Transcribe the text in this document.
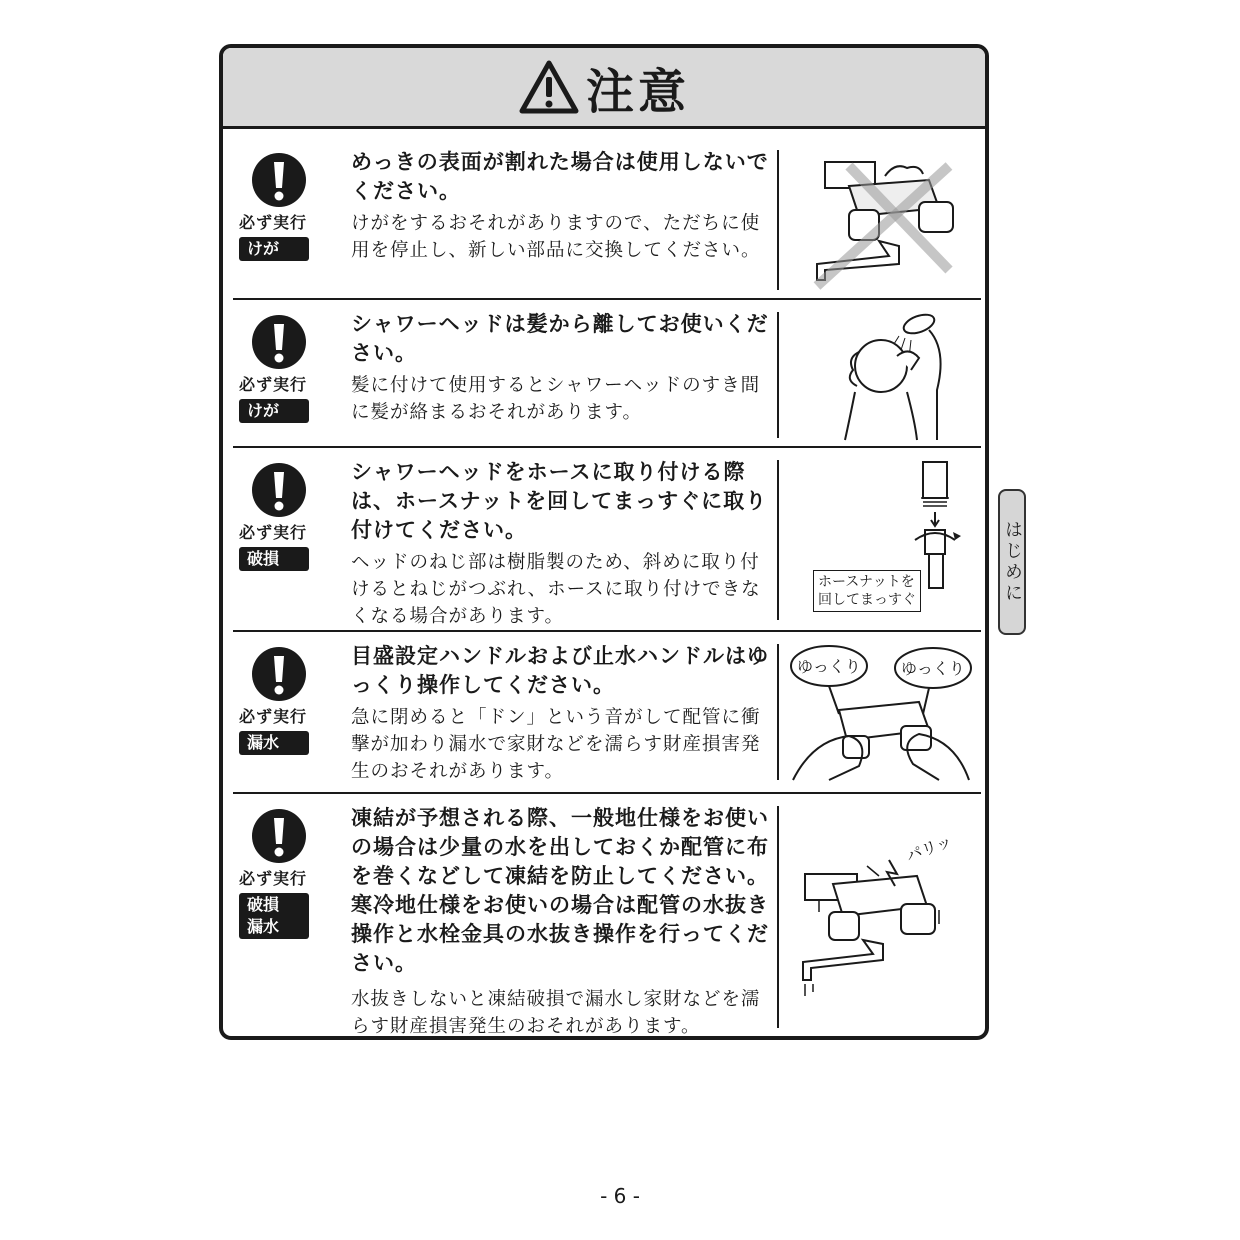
注意
必ず実行
けが

めっきの表面が割れた場合は使用しないでください。

けがをするおそれがありますので、ただちに使用を停止し、新しい部品に交換してください。

必ず実行
けが

シャワーヘッドは髪から離してお使いください。

髪に付けて使用するとシャワーヘッドのすき間に髪が絡まるおそれがあります。

必ず実行
破損

シャワーヘッドをホースに取り付ける際は、ホースナットを回してまっすぐに取り付けてください。

ヘッドのねじ部は樹脂製のため、斜めに取り付けるとねじがつぶれ、ホースに取り付けできなくなる場合があります。

ホースナットを
回してまっすぐ
必ず実行
漏水

目盛設定ハンドルおよび止水ハンドルはゆっくり操作してください。

急に閉めると「ドン」という音がして配管に衝撃が加わり漏水で家財などを濡らす財産損害発生のおそれがあります。

ゆっくり	ゆっくり
必ず実行
破損
漏水

凍結が予想される際、一般地仕様をお使いの場合は少量の水を出しておくか配管に布を巻くなどして凍結を防止してください。寒冷地仕様をお使いの場合は配管の水抜き操作と水栓金具の水抜き操作を行ってください。

水抜きしないと凍結破損で漏水し家財などを濡らす財産損害発生のおそれがあります。

パリッ
はじめに
- 6 -
